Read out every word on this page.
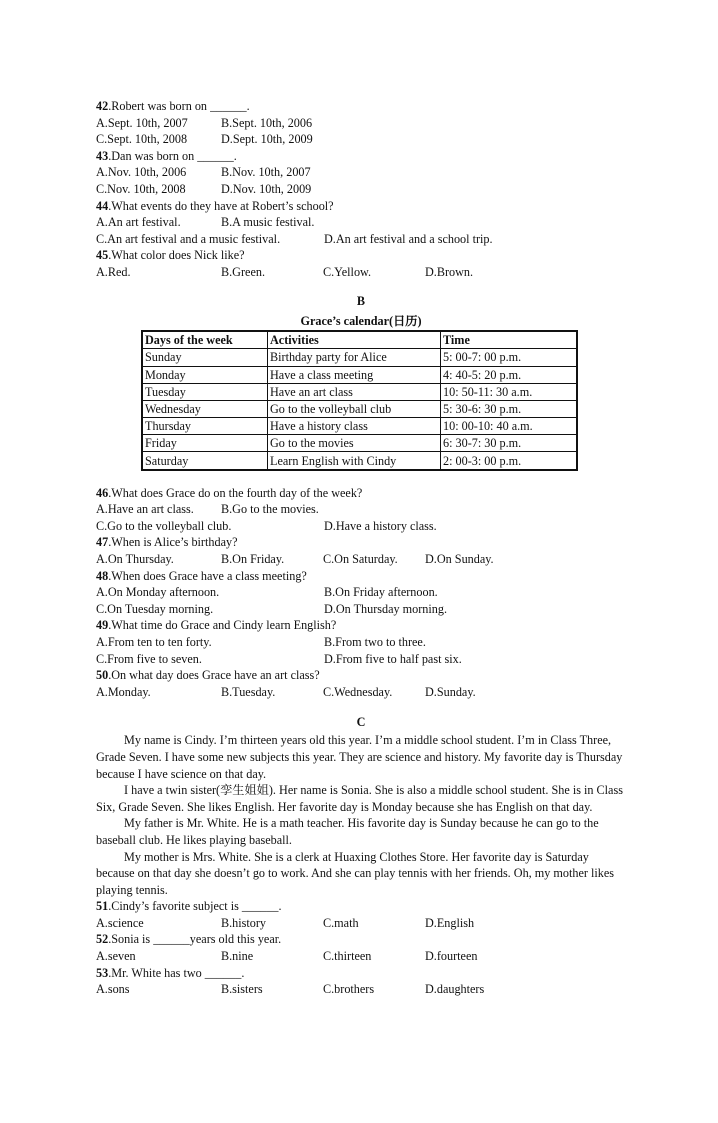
42.Robert was born on ______.
A.Sept. 10th, 2007	B.Sept. 10th, 2006
C.Sept. 10th, 2008	D.Sept. 10th, 2009
43.Dan was born on ______.
A.Nov. 10th, 2006	B.Nov. 10th, 2007
C.Nov. 10th, 2008	D.Nov. 10th, 2009
44.What events do they have at Robert’s school?
A.An art festival.	B.A music festival.
C.An art festival and a music festival.	D.An art festival and a school trip.
45.What color does Nick like?
A.Red.	B.Green.	C.Yellow.	D.Brown.
B
Grace’s calendar(日历)
Days of the week	Activities	Time
Sunday	Birthday party for Alice	5: 00-7: 00 p.m.
Monday	Have a class meeting	4: 40-5: 20 p.m.
Tuesday	Have an art class	10: 50-11: 30 a.m.
Wednesday	Go to the volleyball club	5: 30-6: 30 p.m.
Thursday	Have a history class	10: 00-10: 40 a.m.
Friday	Go to the movies	6: 30-7: 30 p.m.
Saturday	Learn English with Cindy	2: 00-3: 00 p.m.
46.What does Grace do on the fourth day of the week?
A.Have an art class. B.Go to the movies.
C.Go to the volleyball club.	D.Have a history class.
47.When is Alice’s birthday?
A.On Thursday.	B.On Friday.	C.On Saturday. D.On Sunday.
48.When does Grace have a class meeting?
A.On Monday afternoon.	B.On Friday afternoon.
C.On Tuesday morning.	D.On Thursday morning.
49.What time do Grace and Cindy learn English?
A.From ten to ten forty.	B.From two to three.
C.From five to seven.	D.From five to half past six.
50.On what day does Grace have an art class?
A.Monday.	B.Tuesday.	C.Wednesday.	D.Sunday.
C
My name is Cindy. I’m thirteen years old this year. I’m a middle school student. I’m in Class Three, Grade Seven. I have some new subjects this year. They are science and history. My favorite day is Thursday because I have science on that day.
I have a twin sister(孪生姐姐). Her name is Sonia. She is also a middle school student. She is in Class Six, Grade Seven. She likes English. Her favorite day is Monday because she has English on that day.
My father is Mr. White. He is a math teacher. His favorite day is Sunday because he can go to the baseball club. He likes playing baseball.
My mother is Mrs. White. She is a clerk at Huaxing Clothes Store. Her favorite day is Saturday because on that day she doesn’t go to work. And she can play tennis with her friends. Oh, my mother likes playing tennis.
51.Cindy’s favorite subject is ______.
A.science	B.history	C.math	D.English
52.Sonia is ______years old this year.
A.seven	B.nine	C.thirteen	D.fourteen
53.Mr. White has two ______.
A.sons	B.sisters	C.brothers	D.daughters
